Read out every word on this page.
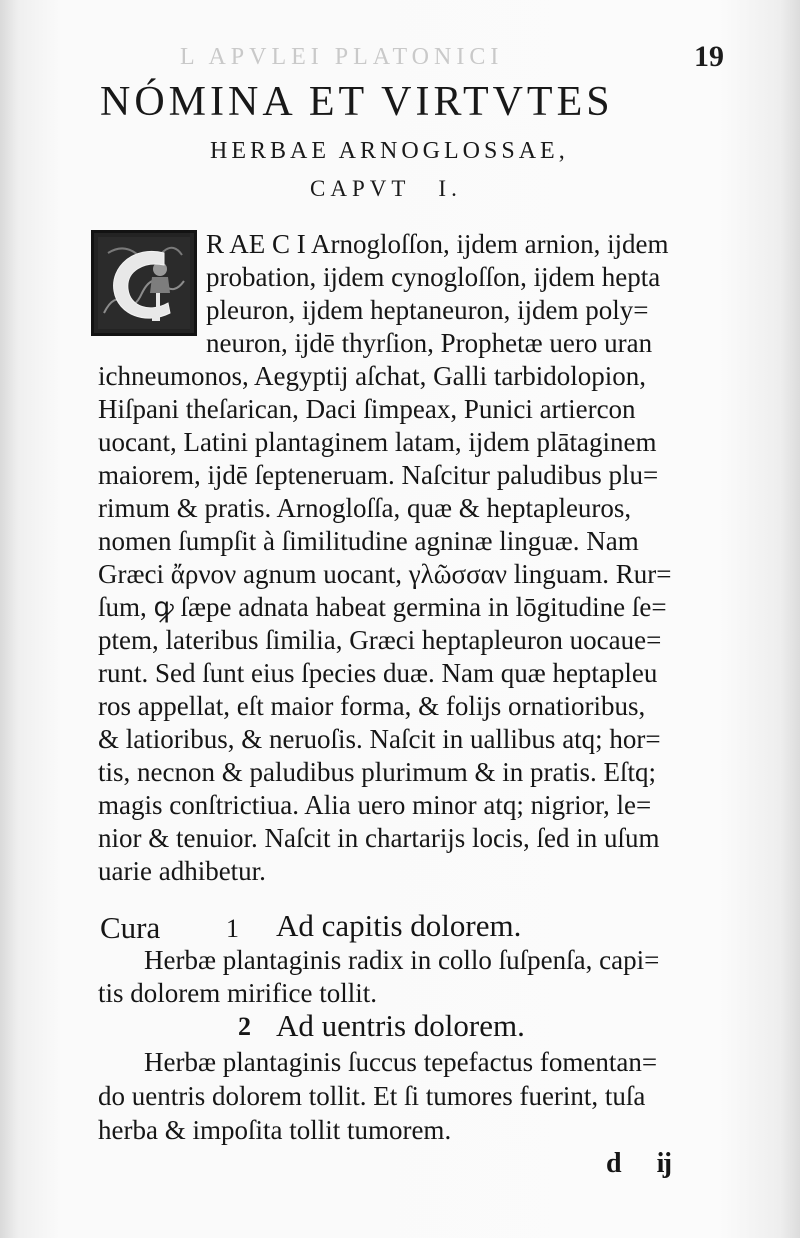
L APVLEI PLATONICI	19
NÓMINA ET VIRTVTES
HERBAE ARNOGLOSSAE,
CAPVT I.
R AE C I Arnogloſſon, ĳdem arnion, ĳdem
probation, ĳdem cynogloſſon, ĳdem hepta
pleuron, ĳdem heptaneuron, ĳdem poly=
neuron, ĳdē thyrſion, Prophetæ uero uran
ichneumonos, Aegyptĳ aſchat, Galli tarbidolopion,
Hiſpani theſarican, Daci ſimpeax, Punici artiercon
uocant, Latini plantaginem latam, ĳdem plātaginem
maiorem, ĳdē ſepteneruam. Naſcitur paludibus plu=
rimum & pratis. Arnogloſſa, quæ & heptapleuros,
nomen ſumpſit à ſimilitudine agninæ linguæ. Nam
Græci ἄρνον agnum uocant, γλῶσσαν linguam. Rur=
ſum, ꝙ ſæpe adnata habeat germina in lōgitudine ſe=
ptem, lateribus ſimilia, Græci heptapleuron uocaue=
runt. Sed ſunt eius ſpecies duæ. Nam quæ heptapleu
ros appellat, eſt maior forma, & folĳs ornatioribus,
& latioribus, & neruoſis. Naſcit in uallibus atq; hor=
tis, necnon & paludibus plurimum & in pratis. Eſtq;
magis conſtrictiua. Alia uero minor atq; nigrior, le=
nior & tenuior. Naſcit in chartarĳs locis, ſed in uſum
uarie adhibetur.
Cura	1 Ad capitis dolorem.
Herbæ plantaginis radix in collo ſuſpenſa, capi=
tis dolorem mirifice tollit.
2 Ad uentris dolorem.
Herbæ plantaginis ſuccus tepefactus fomentan=
do uentris dolorem tollit. Et ſi tumores fuerint, tuſa
herba & impoſita tollit tumorem.
d ĳ
